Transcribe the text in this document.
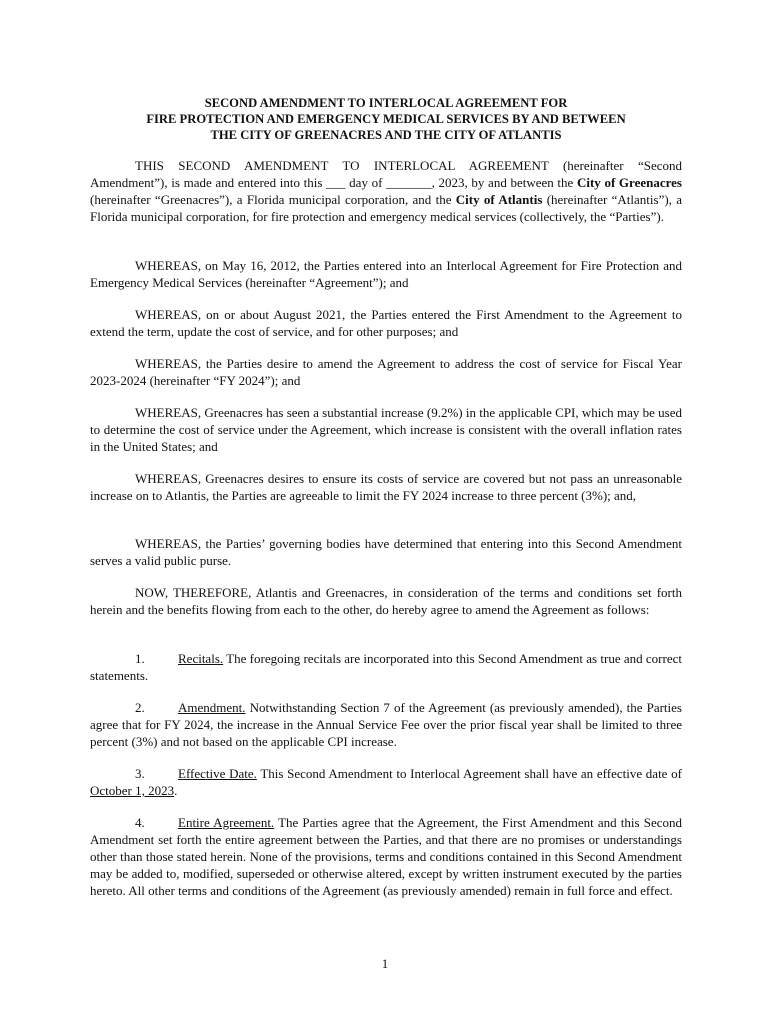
SECOND AMENDMENT TO INTERLOCAL AGREEMENT FOR
FIRE PROTECTION AND EMERGENCY MEDICAL SERVICES BY AND BETWEEN
THE CITY OF GREENACRES AND THE CITY OF ATLANTIS

THIS SECOND AMENDMENT TO INTERLOCAL AGREEMENT (hereinafter “Second Amendment”), is made and entered into this ___ day of _______, 2023, by and between the City of Greenacres (hereinafter “Greenacres”), a Florida municipal corporation, and the City of Atlantis (hereinafter “Atlantis”), a Florida municipal corporation, for fire protection and emergency medical services (collectively, the “Parties”).

WHEREAS, on May 16, 2012, the Parties entered into an Interlocal Agreement for Fire Protection and Emergency Medical Services (hereinafter “Agreement”); and

WHEREAS, on or about August 2021, the Parties entered the First Amendment to the Agreement to extend the term, update the cost of service, and for other purposes; and

WHEREAS, the Parties desire to amend the Agreement to address the cost of service for Fiscal Year 2023-2024 (hereinafter “FY 2024”); and

WHEREAS, Greenacres has seen a substantial increase (9.2%) in the applicable CPI, which may be used to determine the cost of service under the Agreement, which increase is consistent with the overall inflation rates in the United States; and

WHEREAS, Greenacres desires to ensure its costs of service are covered but not pass an unreasonable increase on to Atlantis, the Parties are agreeable to limit the FY 2024 increase to three percent (3%); and,

WHEREAS, the Parties’ governing bodies have determined that entering into this Second Amendment serves a valid public purse.

NOW, THEREFORE, Atlantis and Greenacres, in consideration of the terms and conditions set forth herein and the benefits flowing from each to the other, do hereby agree to amend the Agreement as follows:

1.	Recitals. The foregoing recitals are incorporated into this Second Amendment as true and correct statements.

2.	Amendment. Notwithstanding Section 7 of the Agreement (as previously amended), the Parties agree that for FY 2024, the increase in the Annual Service Fee over the prior fiscal year shall be limited to three percent (3%) and not based on the applicable CPI increase.

3.	Effective Date. This Second Amendment to Interlocal Agreement shall have an effective date of October 1, 2023.

4.	Entire Agreement. The Parties agree that the Agreement, the First Amendment and this Second Amendment set forth the entire agreement between the Parties, and that there are no promises or understandings other than those stated herein. None of the provisions, terms and conditions contained in this Second Amendment may be added to, modified, superseded or otherwise altered, except by written instrument executed by the parties hereto. All other terms and conditions of the Agreement (as previously amended) remain in full force and effect.

1
